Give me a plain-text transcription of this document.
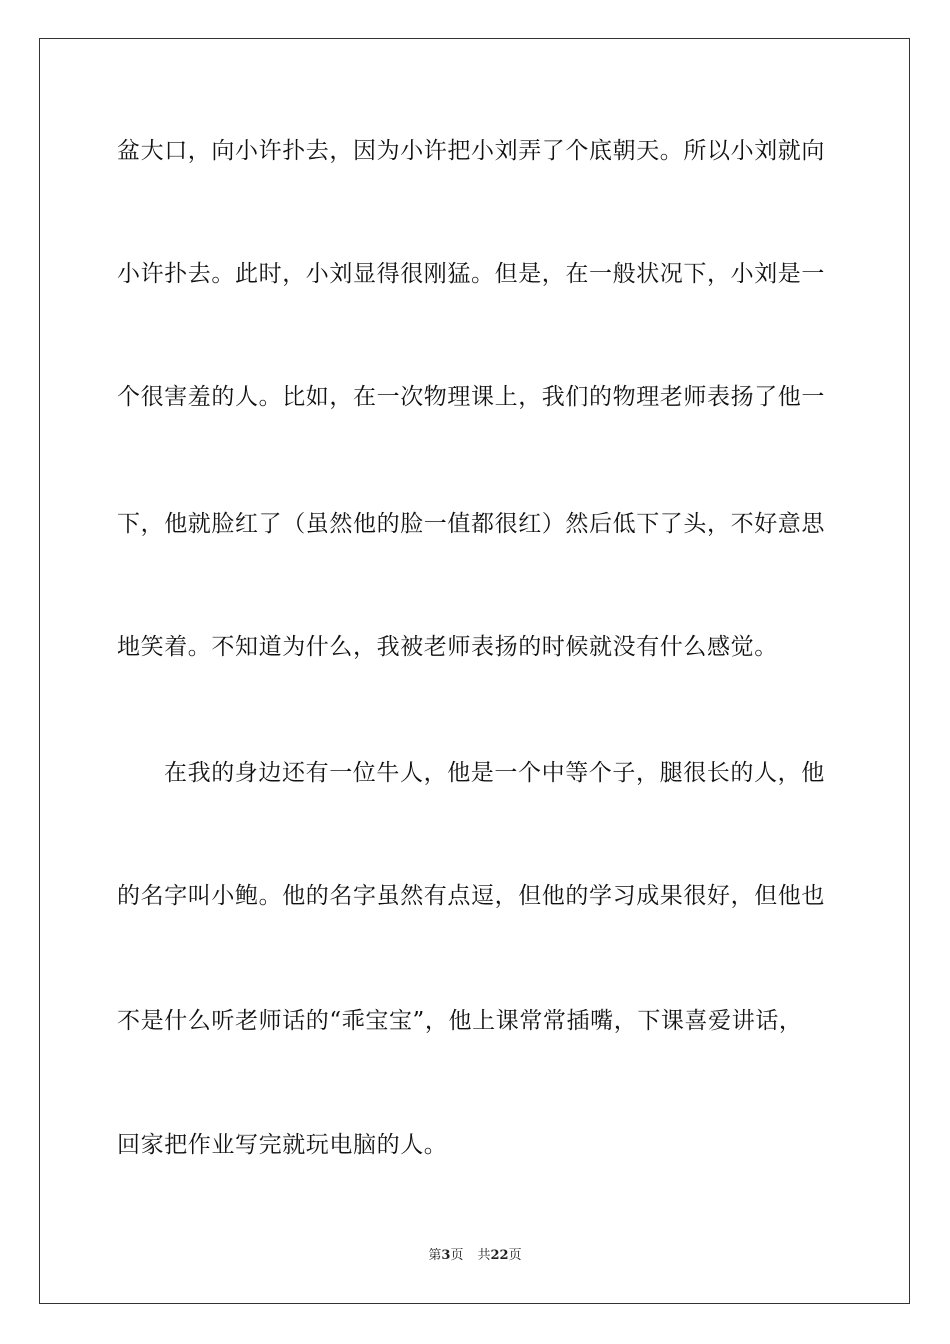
盆大口，向小许扑去，因为小许把小刘弄了个底朝天。所以小刘就向
小许扑去。此时，小刘显得很刚猛。但是，在一般状况下，小刘是一
个很害羞的人。比如，在一次物理课上，我们的物理老师表扬了他一
下，他就脸红了（虽然他的脸一值都很红）然后低下了头，不好意思
地笑着。不知道为什么，我被老师表扬的时候就没有什么感觉。
在我的身边还有一位牛人，他是一个中等个子，腿很长的人，他
的名字叫小鲍。他的名字虽然有点逗，但他的学习成果很好，但他也
不是什么听老师话的“乖宝宝”，他上课常常插嘴，下课喜爱讲话，
回家把作业写完就玩电脑的人。
第3页 共22页
